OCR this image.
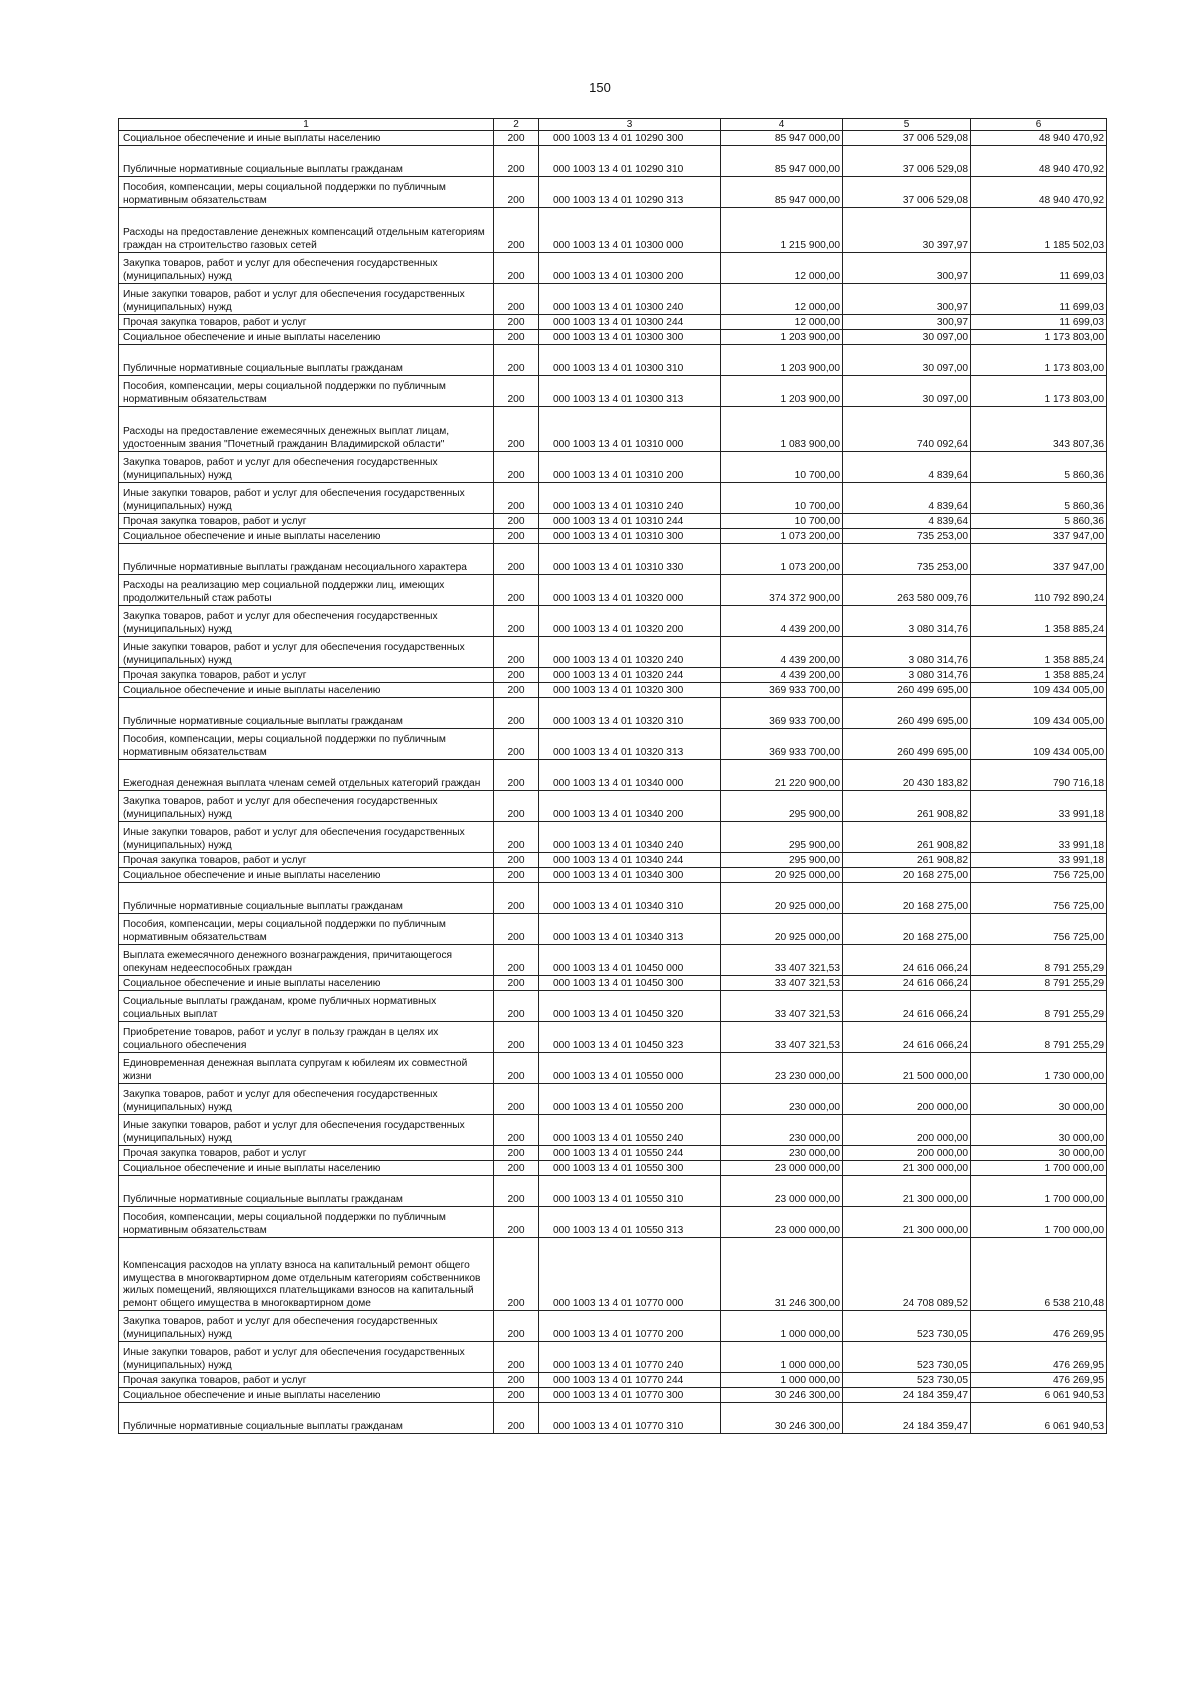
150
1	2	3	4	5	6
Социальное обеспечение и иные выплаты населению	200	000 1003 13 4 01 10290 300	85 947 000,00	37 006 529,08	48 940 470,92
Публичные нормативные социальные выплаты гражданам	200	000 1003 13 4 01 10290 310	85 947 000,00	37 006 529,08	48 940 470,92
Пособия, компенсации, меры социальной поддержки по публичным нормативным обязательствам	200	000 1003 13 4 01 10290 313	85 947 000,00	37 006 529,08	48 940 470,92
Расходы на предоставление денежных компенсаций отдельным категориям граждан на строительство газовых сетей	200	000 1003 13 4 01 10300 000	1 215 900,00	30 397,97	1 185 502,03
Закупка товаров, работ и услуг для обеспечения государственных (муниципальных) нужд	200	000 1003 13 4 01 10300 200	12 000,00	300,97	11 699,03
Иные закупки товаров, работ и услуг для обеспечения государственных (муниципальных) нужд	200	000 1003 13 4 01 10300 240	12 000,00	300,97	11 699,03
Прочая закупка товаров, работ и услуг	200	000 1003 13 4 01 10300 244	12 000,00	300,97	11 699,03
Социальное обеспечение и иные выплаты населению	200	000 1003 13 4 01 10300 300	1 203 900,00	30 097,00	1 173 803,00
Публичные нормативные социальные выплаты гражданам	200	000 1003 13 4 01 10300 310	1 203 900,00	30 097,00	1 173 803,00
Пособия, компенсации, меры социальной поддержки по публичным нормативным обязательствам	200	000 1003 13 4 01 10300 313	1 203 900,00	30 097,00	1 173 803,00
Расходы на предоставление ежемесячных денежных выплат лицам, удостоенным звания "Почетный гражданин Владимирской области"	200	000 1003 13 4 01 10310 000	1 083 900,00	740 092,64	343 807,36
Закупка товаров, работ и услуг для обеспечения государственных (муниципальных) нужд	200	000 1003 13 4 01 10310 200	10 700,00	4 839,64	5 860,36
Иные закупки товаров, работ и услуг для обеспечения государственных (муниципальных) нужд	200	000 1003 13 4 01 10310 240	10 700,00	4 839,64	5 860,36
Прочая закупка товаров, работ и услуг	200	000 1003 13 4 01 10310 244	10 700,00	4 839,64	5 860,36
Социальное обеспечение и иные выплаты населению	200	000 1003 13 4 01 10310 300	1 073 200,00	735 253,00	337 947,00
Публичные нормативные выплаты гражданам несоциального характера	200	000 1003 13 4 01 10310 330	1 073 200,00	735 253,00	337 947,00
Расходы на реализацию мер социальной поддержки лиц, имеющих продолжительный стаж работы	200	000 1003 13 4 01 10320 000	374 372 900,00	263 580 009,76	110 792 890,24
Закупка товаров, работ и услуг для обеспечения государственных (муниципальных) нужд	200	000 1003 13 4 01 10320 200	4 439 200,00	3 080 314,76	1 358 885,24
Иные закупки товаров, работ и услуг для обеспечения государственных (муниципальных) нужд	200	000 1003 13 4 01 10320 240	4 439 200,00	3 080 314,76	1 358 885,24
Прочая закупка товаров, работ и услуг	200	000 1003 13 4 01 10320 244	4 439 200,00	3 080 314,76	1 358 885,24
Социальное обеспечение и иные выплаты населению	200	000 1003 13 4 01 10320 300	369 933 700,00	260 499 695,00	109 434 005,00
Публичные нормативные социальные выплаты гражданам	200	000 1003 13 4 01 10320 310	369 933 700,00	260 499 695,00	109 434 005,00
Пособия, компенсации, меры социальной поддержки по публичным нормативным обязательствам	200	000 1003 13 4 01 10320 313	369 933 700,00	260 499 695,00	109 434 005,00
Ежегодная денежная выплата членам семей отдельных категорий граждан	200	000 1003 13 4 01 10340 000	21 220 900,00	20 430 183,82	790 716,18
Закупка товаров, работ и услуг для обеспечения государственных (муниципальных) нужд	200	000 1003 13 4 01 10340 200	295 900,00	261 908,82	33 991,18
Иные закупки товаров, работ и услуг для обеспечения государственных (муниципальных) нужд	200	000 1003 13 4 01 10340 240	295 900,00	261 908,82	33 991,18
Прочая закупка товаров, работ и услуг	200	000 1003 13 4 01 10340 244	295 900,00	261 908,82	33 991,18
Социальное обеспечение и иные выплаты населению	200	000 1003 13 4 01 10340 300	20 925 000,00	20 168 275,00	756 725,00
Публичные нормативные социальные выплаты гражданам	200	000 1003 13 4 01 10340 310	20 925 000,00	20 168 275,00	756 725,00
Пособия, компенсации, меры социальной поддержки по публичным нормативным обязательствам	200	000 1003 13 4 01 10340 313	20 925 000,00	20 168 275,00	756 725,00
Выплата ежемесячного денежного вознаграждения, причитающегося опекунам недееспособных граждан	200	000 1003 13 4 01 10450 000	33 407 321,53	24 616 066,24	8 791 255,29
Социальное обеспечение и иные выплаты населению	200	000 1003 13 4 01 10450 300	33 407 321,53	24 616 066,24	8 791 255,29
Социальные выплаты гражданам, кроме публичных нормативных социальных выплат	200	000 1003 13 4 01 10450 320	33 407 321,53	24 616 066,24	8 791 255,29
Приобретение товаров, работ и услуг в пользу граждан в целях их социального обеспечения	200	000 1003 13 4 01 10450 323	33 407 321,53	24 616 066,24	8 791 255,29
Единовременная денежная выплата супругам к юбилеям их совместной жизни	200	000 1003 13 4 01 10550 000	23 230 000,00	21 500 000,00	1 730 000,00
Закупка товаров, работ и услуг для обеспечения государственных (муниципальных) нужд	200	000 1003 13 4 01 10550 200	230 000,00	200 000,00	30 000,00
Иные закупки товаров, работ и услуг для обеспечения государственных (муниципальных) нужд	200	000 1003 13 4 01 10550 240	230 000,00	200 000,00	30 000,00
Прочая закупка товаров, работ и услуг	200	000 1003 13 4 01 10550 244	230 000,00	200 000,00	30 000,00
Социальное обеспечение и иные выплаты населению	200	000 1003 13 4 01 10550 300	23 000 000,00	21 300 000,00	1 700 000,00
Публичные нормативные социальные выплаты гражданам	200	000 1003 13 4 01 10550 310	23 000 000,00	21 300 000,00	1 700 000,00
Пособия, компенсации, меры социальной поддержки по публичным нормативным обязательствам	200	000 1003 13 4 01 10550 313	23 000 000,00	21 300 000,00	1 700 000,00
Компенсация расходов на уплату взноса на капитальный ремонт общего имущества в многоквартирном доме отдельным категориям собственников жилых помещений, являющихся плательщиками взносов на капитальный ремонт общего имущества в многоквартирном доме	200	000 1003 13 4 01 10770 000	31 246 300,00	24 708 089,52	6 538 210,48
Закупка товаров, работ и услуг для обеспечения государственных (муниципальных) нужд	200	000 1003 13 4 01 10770 200	1 000 000,00	523 730,05	476 269,95
Иные закупки товаров, работ и услуг для обеспечения государственных (муниципальных) нужд	200	000 1003 13 4 01 10770 240	1 000 000,00	523 730,05	476 269,95
Прочая закупка товаров, работ и услуг	200	000 1003 13 4 01 10770 244	1 000 000,00	523 730,05	476 269,95
Социальное обеспечение и иные выплаты населению	200	000 1003 13 4 01 10770 300	30 246 300,00	24 184 359,47	6 061 940,53
Публичные нормативные социальные выплаты гражданам	200	000 1003 13 4 01 10770 310	30 246 300,00	24 184 359,47	6 061 940,53
